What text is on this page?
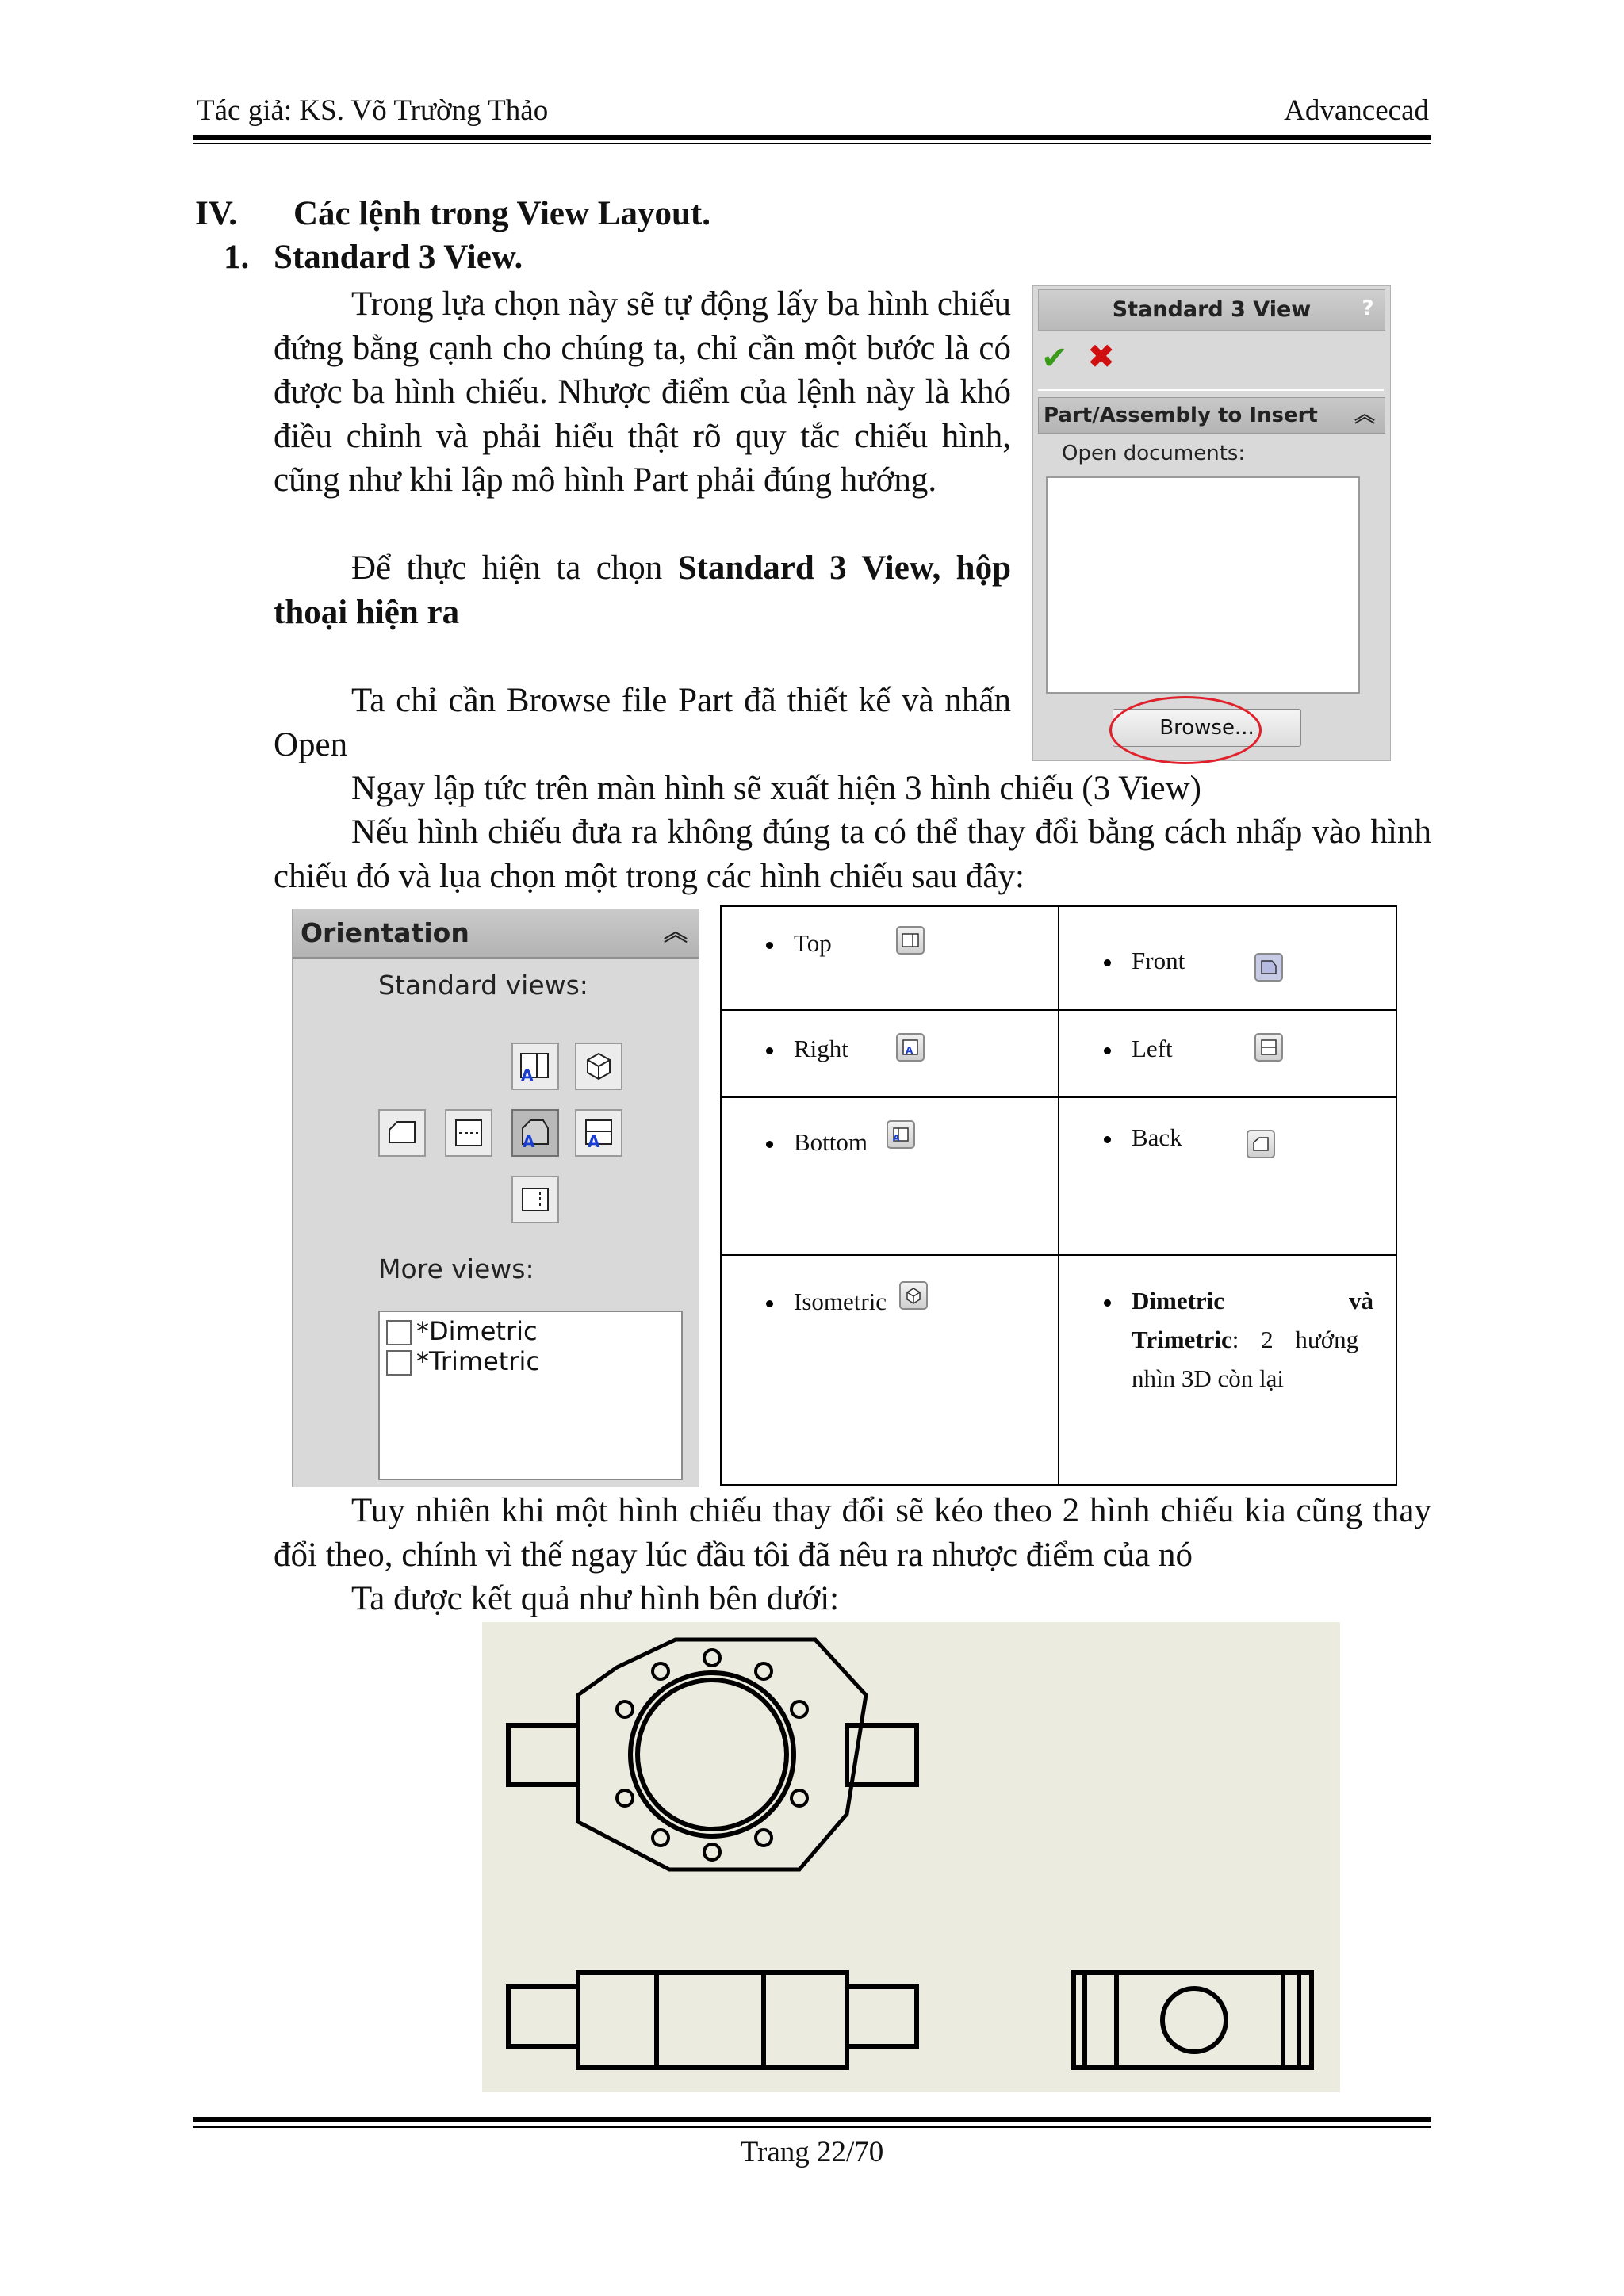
Tác giả: KS. Võ Trường Thảo	Advancecad
IV. Các lệnh trong View Layout.
1. Standard 3 View.
Trong lựa chọn này sẽ tự động lấy ba hình chiếu đứng bằng cạnh cho chúng ta, chỉ cần một bước là có được ba hình chiếu. Nhược điểm của lệnh này là khó điều chỉnh và phải hiểu thật rõ quy tắc chiếu hình, cũng như khi lập mô hình Part phải đúng hướng.
Để thực hiện ta chọn Standard 3 View, hộp thoại hiện ra
Ta chỉ cần Browse file Part đã thiết kế và nhấn Open
Ngay lập tức trên màn hình sẽ xuất hiện 3 hình chiếu (3 View)
Nếu hình chiếu đưa ra không đúng ta có thể thay đổi bằng cách nhấp vào hình chiếu đó và lụa chọn một trong các hình chiếu sau đây:
Standard 3 View	?
✔ ✖
Part/Assembly to Insert ︽
Open documents:
Browse...
Orientation	︽
Standard views:
A
A	A
More views:
*Dimetric
*Trimetric
Top	Front

Right A	Left

Bottom A	Back

Isometric	Dimetric và
Trimetric: 2 hướng
nhìn 3D còn lại
Tuy nhiên khi một hình chiếu thay đổi sẽ kéo theo 2 hình chiếu kia cũng thay đổi theo, chính vì thế ngay lúc đầu tôi đã nêu ra nhược điểm của nó
Ta được kết quả như hình bên dưới:
Trang 22/70
